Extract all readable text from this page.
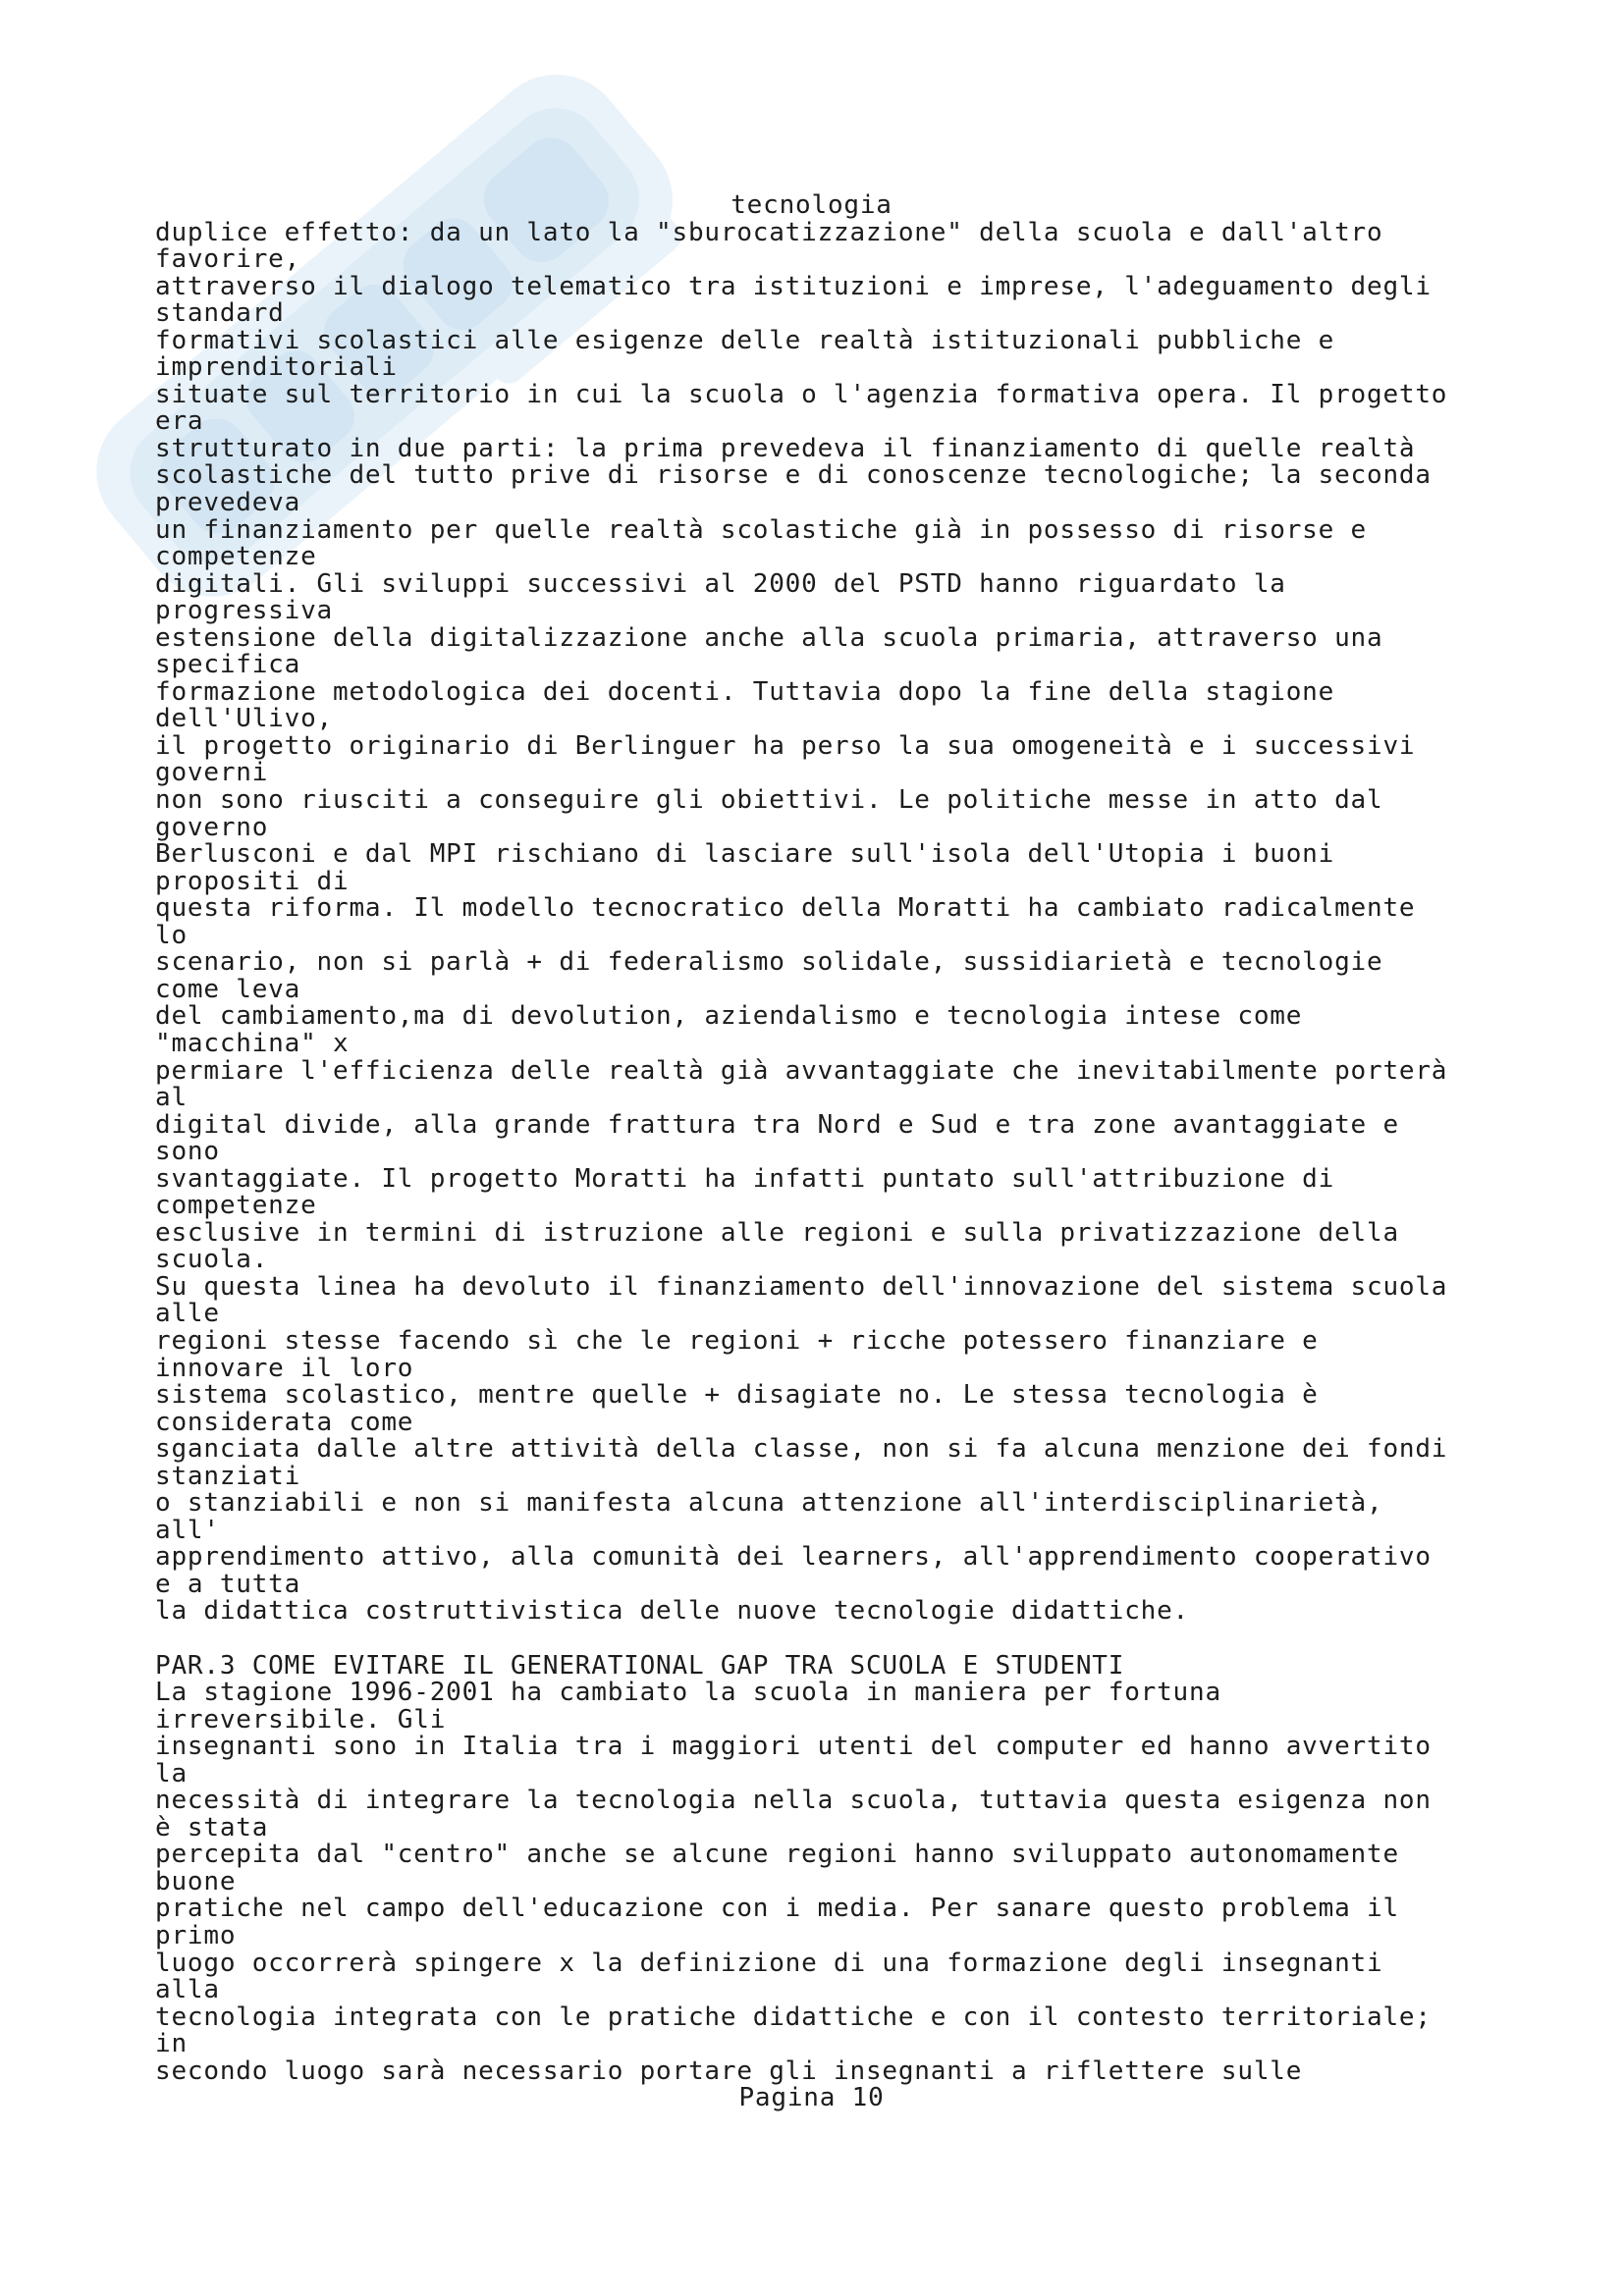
tecnologia
duplice effetto: da un lato la "sburocatizzazione" della scuola e dall'altro
favorire,
attraverso il dialogo telematico tra istituzioni e imprese, l'adeguamento degli
standard
formativi scolastici alle esigenze delle realtà istituzionali pubbliche e
imprenditoriali
situate sul territorio in cui la scuola o l'agenzia formativa opera. Il progetto
era
strutturato in due parti: la prima prevedeva il finanziamento di quelle realtà
scolastiche del tutto prive di risorse e di conoscenze tecnologiche; la seconda
prevedeva
un finanziamento per quelle realtà scolastiche già in possesso di risorse e
competenze
digitali. Gli sviluppi successivi al 2000 del PSTD hanno riguardato la
progressiva
estensione della digitalizzazione anche alla scuola primaria, attraverso una
specifica
formazione metodologica dei docenti. Tuttavia dopo la fine della stagione
dell'Ulivo,
il progetto originario di Berlinguer ha perso la sua omogeneità e i successivi
governi
non sono riusciti a conseguire gli obiettivi. Le politiche messe in atto dal
governo
Berlusconi e dal MPI rischiano di lasciare sull'isola dell'Utopia i buoni
propositi di
questa riforma. Il modello tecnocratico della Moratti ha cambiato radicalmente
lo
scenario, non si parlà + di federalismo solidale, sussidiarietà e tecnologie
come leva
del cambiamento,ma di devolution, aziendalismo e tecnologia intese come
"macchina" x
permiare l'efficienza delle realtà già avvantaggiate che inevitabilmente porterà
al
digital divide, alla grande frattura tra Nord e Sud e tra zone avantaggiate e
sono
svantaggiate. Il progetto Moratti ha infatti puntato sull'attribuzione di
competenze
esclusive in termini di istruzione alle regioni e sulla privatizzazione della
scuola.
Su questa linea ha devoluto il finanziamento dell'innovazione del sistema scuola
alle
regioni stesse facendo sì che le regioni + ricche potessero finanziare e
innovare il loro
sistema scolastico, mentre quelle + disagiate no. Le stessa tecnologia è
considerata come
sganciata dalle altre attività della classe, non si fa alcuna menzione dei fondi
stanziati
o stanziabili e non si manifesta alcuna attenzione all'interdisciplinarietà,
all'
apprendimento attivo, alla comunità dei learners, all'apprendimento cooperativo
e a tutta
la didattica costruttivistica delle nuove tecnologie didattiche.
PAR.3 COME EVITARE IL GENERATIONAL GAP TRA SCUOLA E STUDENTI
La stagione 1996-2001 ha cambiato la scuola in maniera per fortuna
irreversibile. Gli
insegnanti sono in Italia tra i maggiori utenti del computer ed hanno avvertito
la
necessità di integrare la tecnologia nella scuola, tuttavia questa esigenza non
è stata
percepita dal "centro" anche se alcune regioni hanno sviluppato autonomamente
buone
pratiche nel campo dell'educazione con i media. Per sanare questo problema il
primo
luogo occorrerà spingere x la definizione di una formazione degli insegnanti
alla
tecnologia integrata con le pratiche didattiche e con il contesto territoriale;
in
secondo luogo sarà necessario portare gli insegnanti a riflettere sulle
Pagina 10
